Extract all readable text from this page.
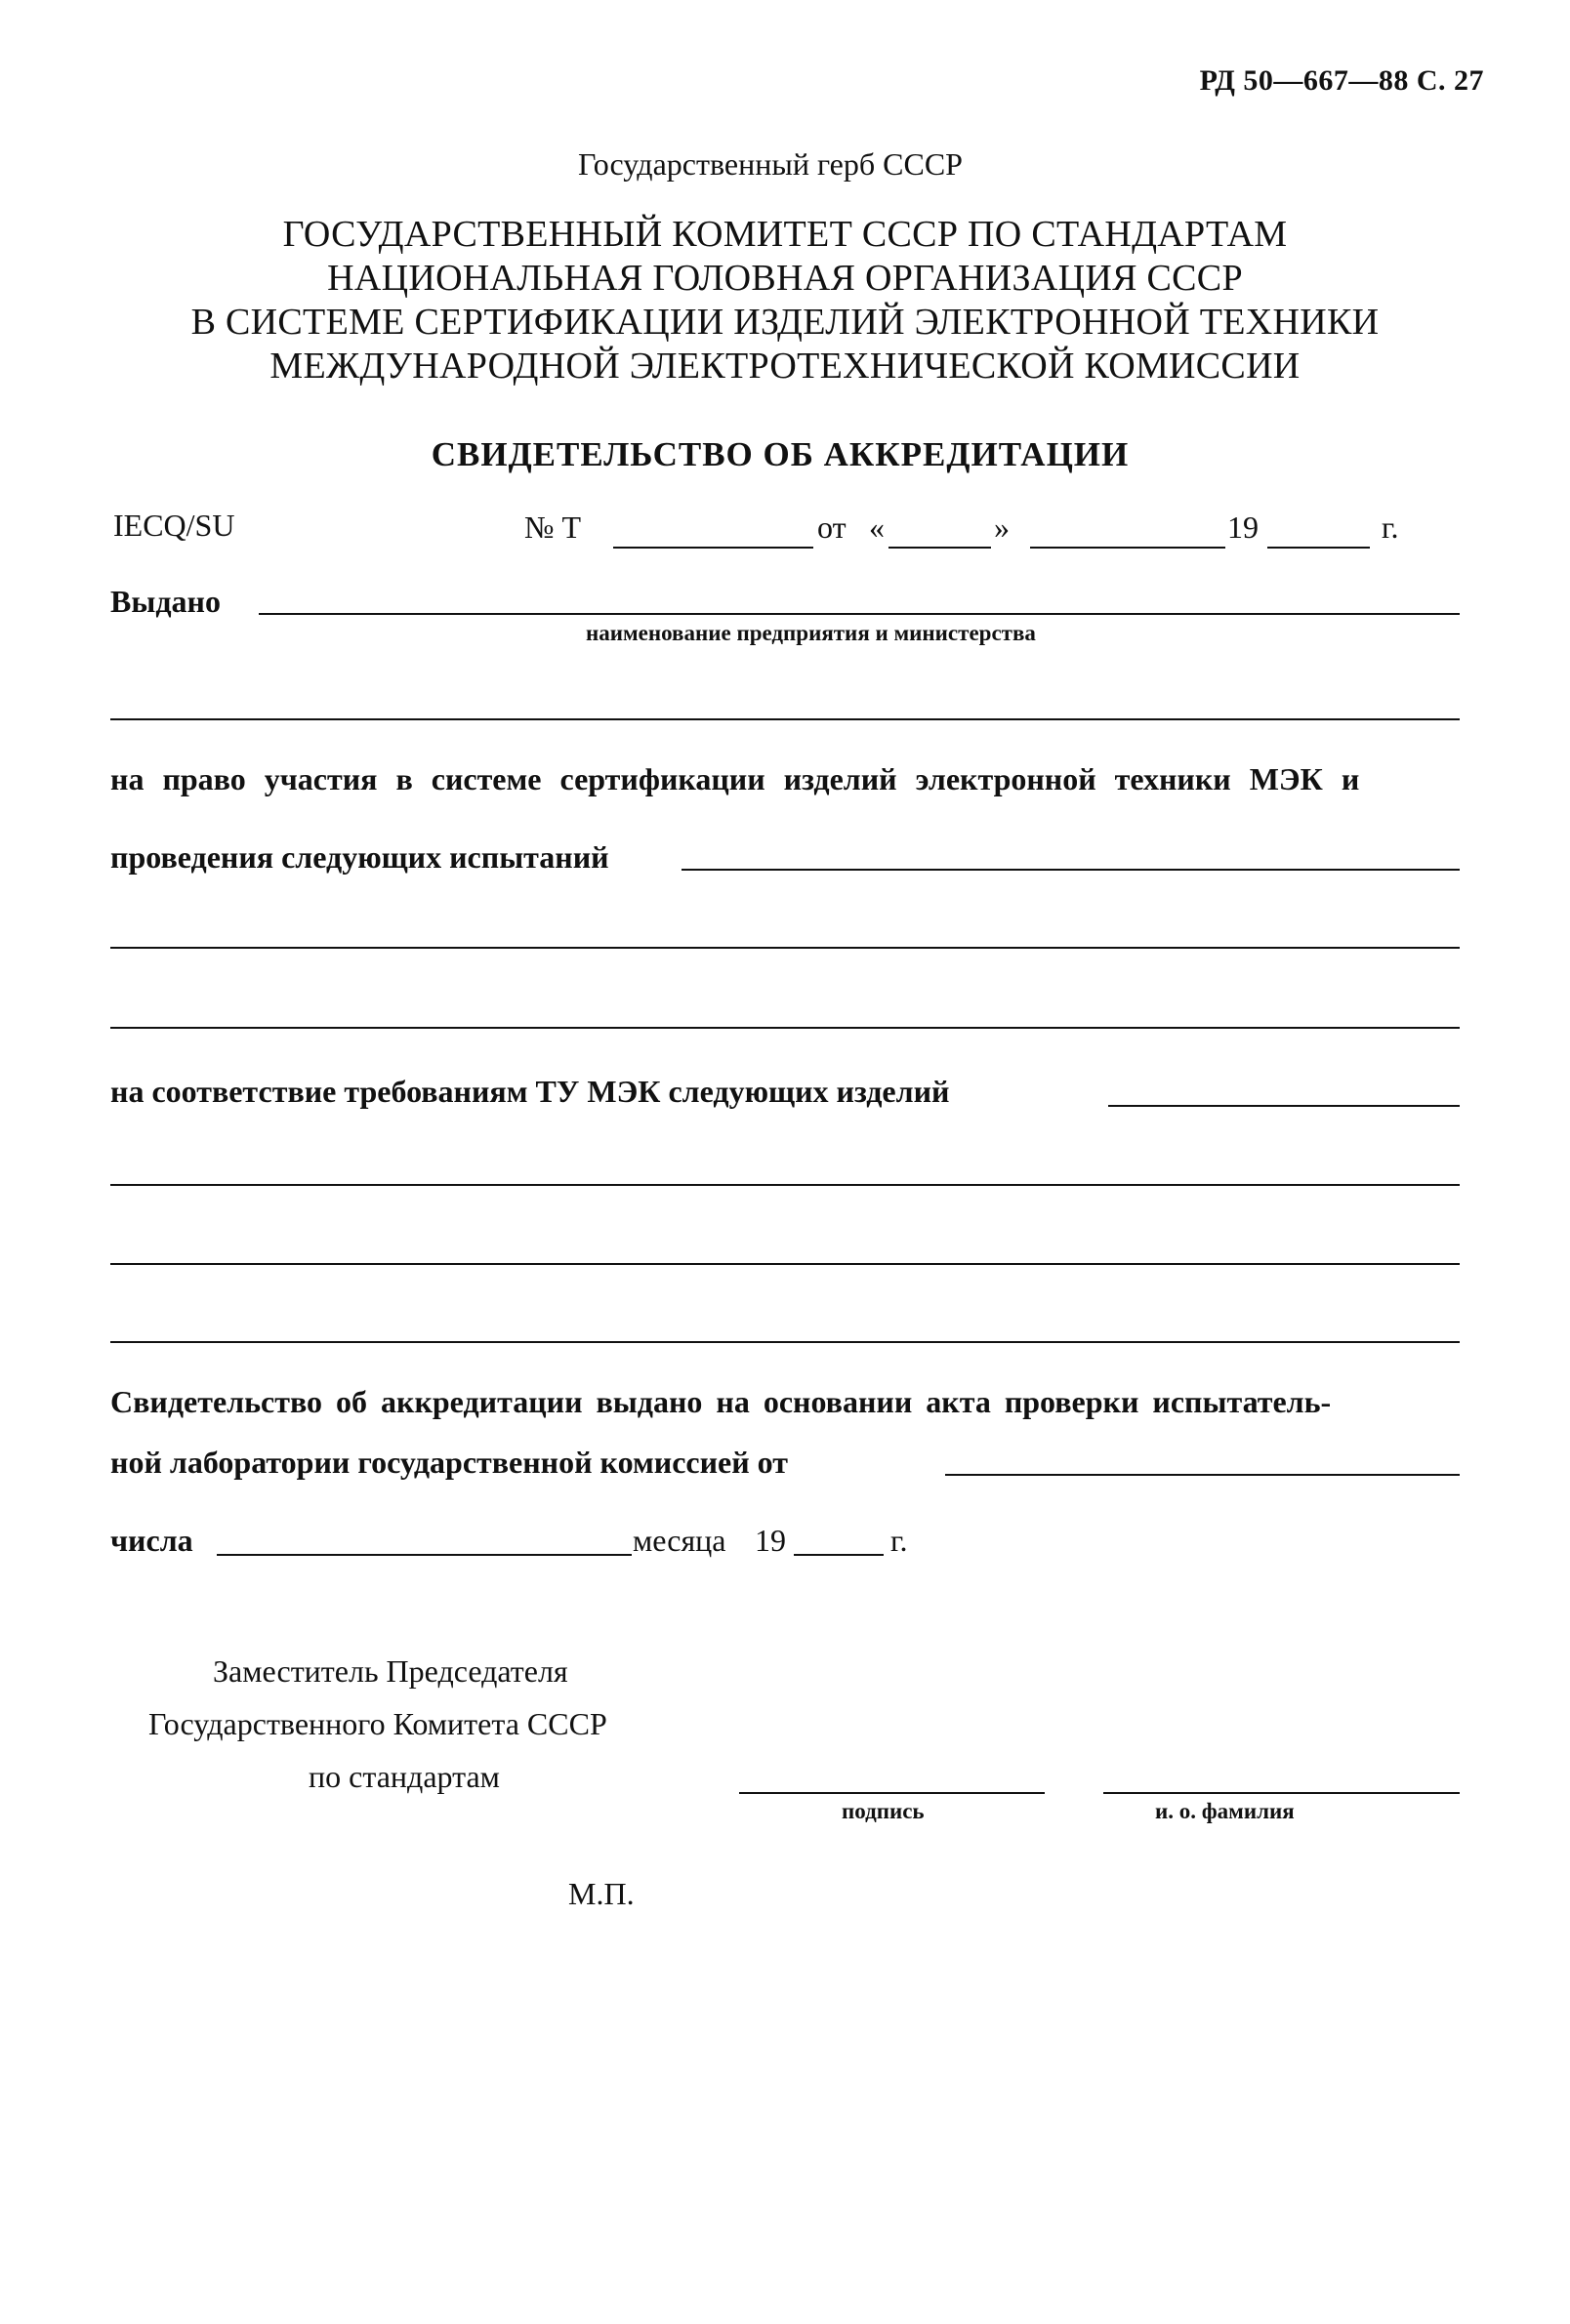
РД 50—667—88 С. 27
Государственный герб СССР
ГОСУДАРСТВЕННЫЙ КОМИТЕТ СССР ПО СТАНДАРТАМ
НАЦИОНАЛЬНАЯ ГОЛОВНАЯ ОРГАНИЗАЦИЯ СССР
В СИСТЕМЕ СЕРТИФИКАЦИИ ИЗДЕЛИЙ ЭЛЕКТРОННОЙ ТЕХНИКИ
МЕЖДУНАРОДНОЙ ЭЛЕКТРОТЕХНИЧЕСКОЙ КОМИССИИ
СВИДЕТЕЛЬСТВО ОБ АККРЕДИТАЦИИ
IECQ/SU	№ Т	от «	»	19	г.
Выдано
наименование предприятия и министерства
на право участия в системе сертификации изделий электронной техники МЭК и
проведения следующих испытаний
на соответствие требованиям ТУ МЭК следующих изделий
Свидетельство об аккредитации выдано на основании акта проверки испытатель-
ной лаборатории государственной комиссией от
числа	месяца 19	г.
Заместитель Председателя
Государственного Комитета СССР
по стандартам
подпись	и. о. фамилия
М.П.
